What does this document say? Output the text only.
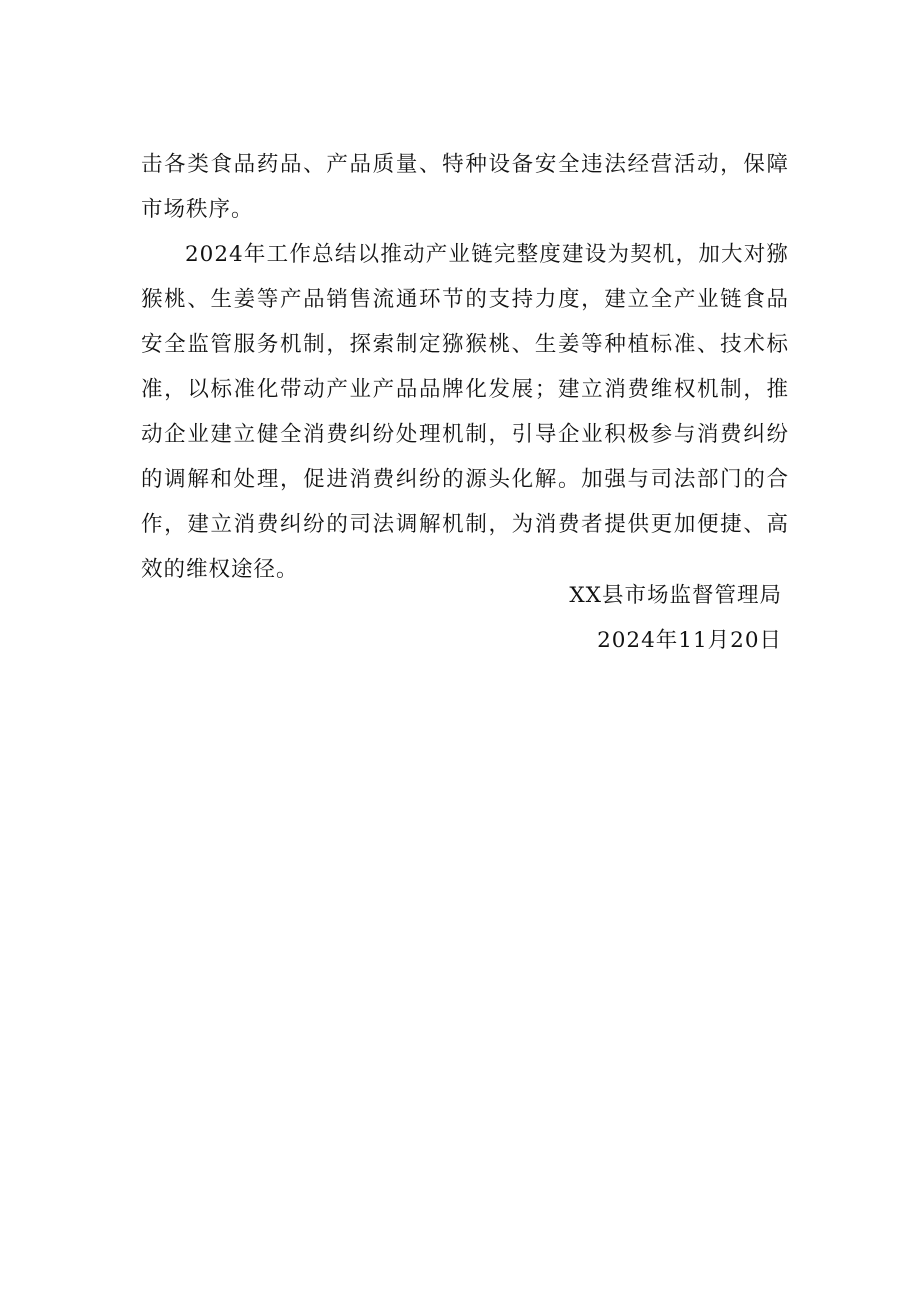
击各类食品药品、产品质量、特种设备安全违法经营活动，保障市场秩序。

2024年工作总结以推动产业链完整度建设为契机，加大对猕猴桃、生姜等产品销售流通环节的支持力度，建立全产业链食品安全监管服务机制，探索制定猕猴桃、生姜等种植标准、技术标准，以标准化带动产业产品品牌化发展；建立消费维权机制，推动企业建立健全消费纠纷处理机制，引导企业积极参与消费纠纷的调解和处理，促进消费纠纷的源头化解。加强与司法部门的合作，建立消费纠纷的司法调解机制，为消费者提供更加便捷、高效的维权途径。

XX县市场监督管理局
2024年11月20日
